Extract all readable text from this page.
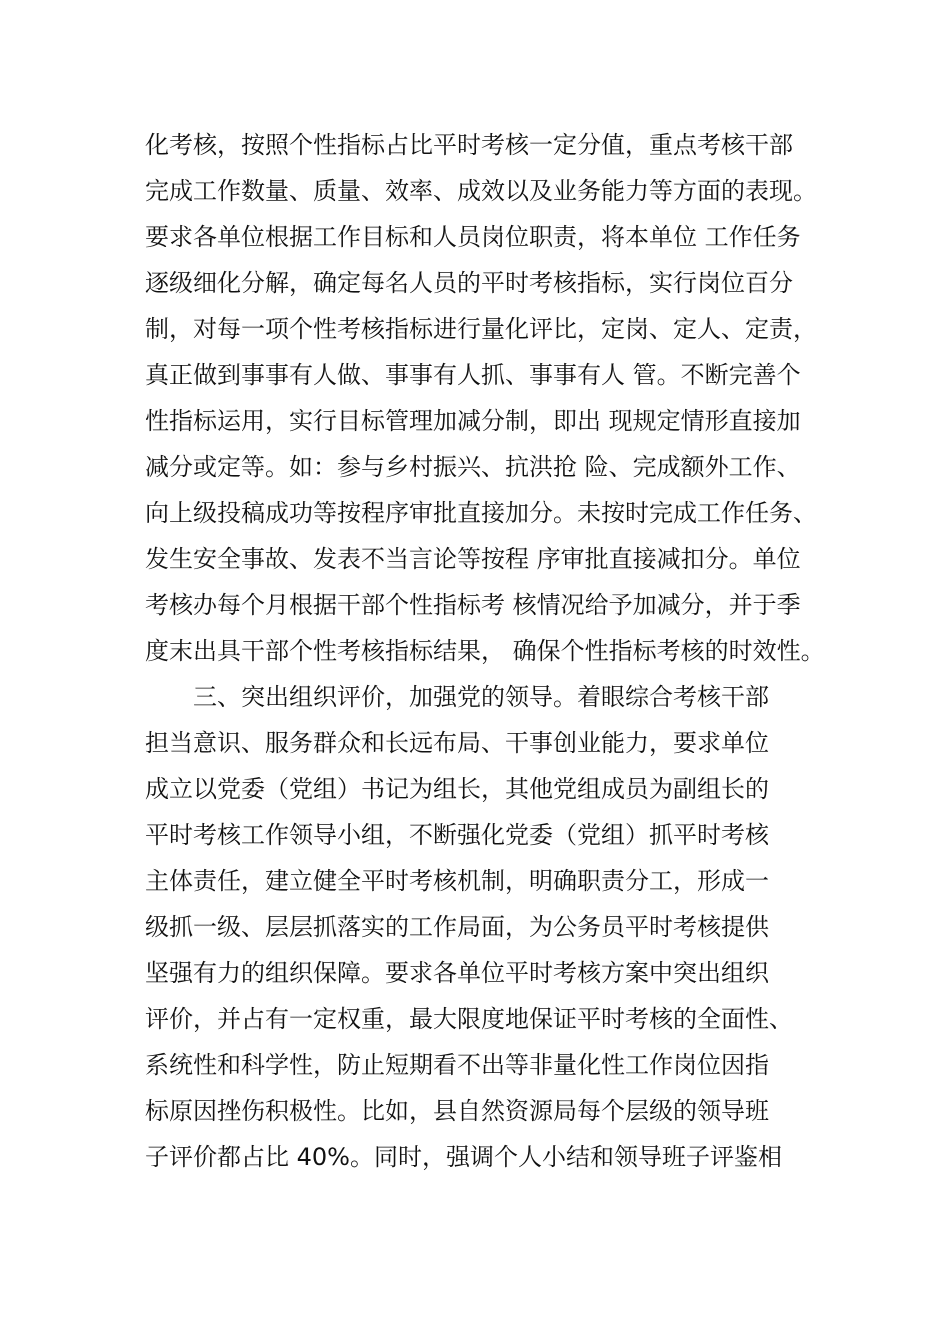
化考核，按照个性指标占比平时考核一定分值，重点考核干部
完成工作数量、质量、效率、成效以及业务能力等方面的表现。
要求各单位根据工作目标和人员岗位职责，将本单位 工作任务
逐级细化分解，确定每名人员的平时考核指标，实行岗位百分
制，对每一项个性考核指标进行量化评比，定岗、定人、定责，
真正做到事事有人做、事事有人抓、事事有人 管。不断完善个
性指标运用，实行目标管理加减分制，即出 现规定情形直接加
减分或定等。如：参与乡村振兴、抗洪抢 险、完成额外工作、
向上级投稿成功等按程序审批直接加分。未按时完成工作任务、
发生安全事故、发表不当言论等按程 序审批直接减扣分。单位
考核办每个月根据干部个性指标考 核情况给予加减分，并于季
度末出具干部个性考核指标结果， 确保个性指标考核的时效性。
三、突出组织评价，加强党的领导。着眼综合考核干部
担当意识、服务群众和长远布局、干事创业能力，要求单位
成立以党委（党组）书记为组长，其他党组成员为副组长的
平时考核工作领导小组，不断强化党委（党组）抓平时考核
主体责任，建立健全平时考核机制，明确职责分工，形成一
级抓一级、层层抓落实的工作局面，为公务员平时考核提供
坚强有力的组织保障。要求各单位平时考核方案中突出组织
评价，并占有一定权重，最大限度地保证平时考核的全面性、
系统性和科学性，防止短期看不出等非量化性工作岗位因指
标原因挫伤积极性。比如，县自然资源局每个层级的领导班
子评价都占比 40%。同时，强调个人小结和领导班子评鉴相
